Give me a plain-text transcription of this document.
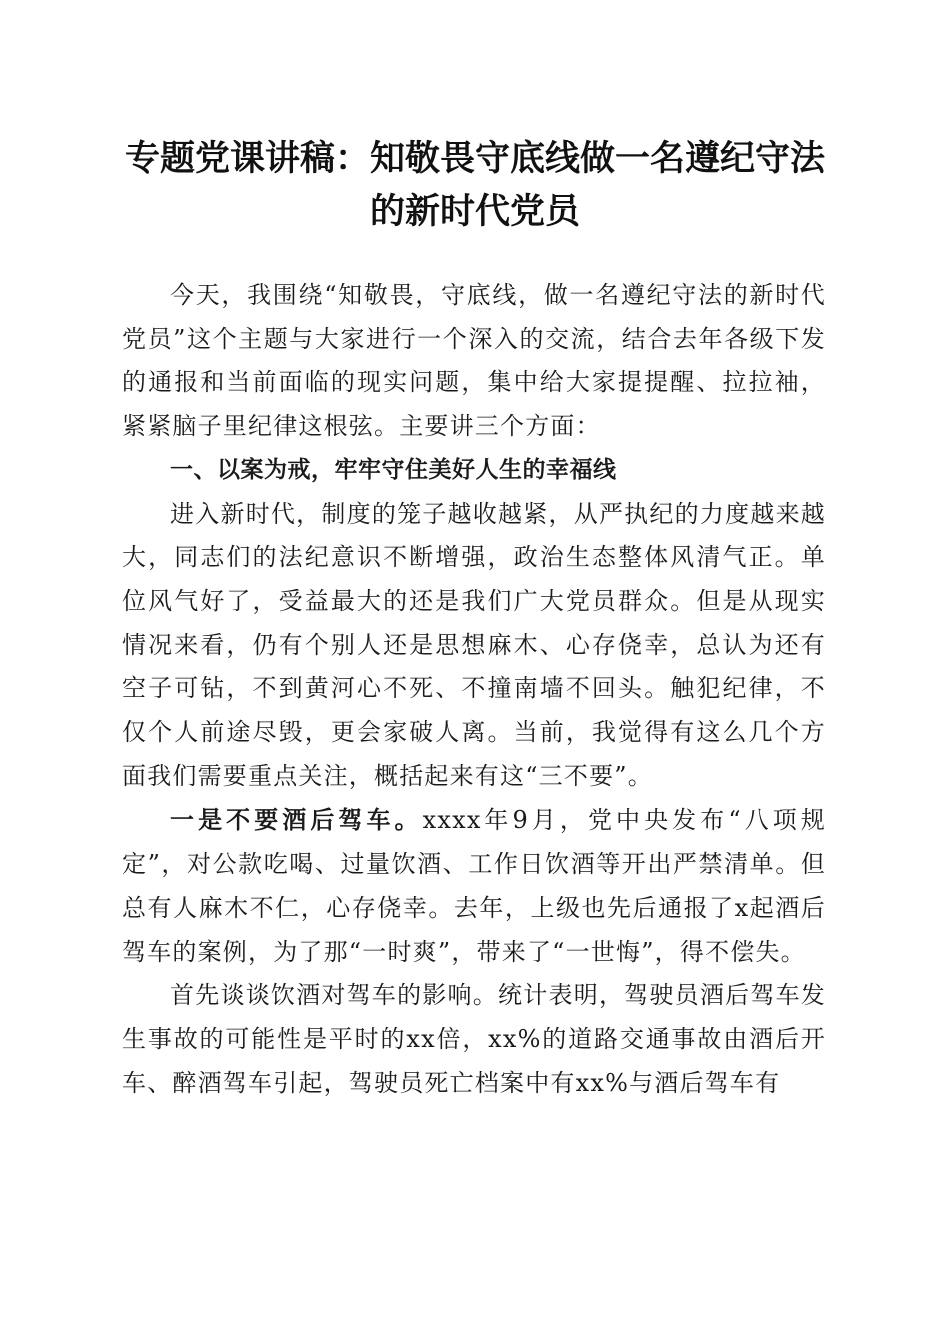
专题党课讲稿：知敬畏守底线做一名遵纪守法
的新时代党员

今天，我围绕“知敬畏，守底线，做一名遵纪守法的新时代党员”这个主题与大家进行一个深入的交流，结合去年各级下发的通报和当前面临的现实问题，集中给大家提提醒、拉拉袖，紧紧脑子里纪律这根弦。主要讲三个方面：

一、以案为戒，牢牢守住美好人生的幸福线

进入新时代，制度的笼子越收越紧，从严执纪的力度越来越大，同志们的法纪意识不断增强，政治生态整体风清气正。单位风气好了，受益最大的还是我们广大党员群众。但是从现实情况来看，仍有个别人还是思想麻木、心存侥幸，总认为还有空子可钻，不到黄河心不死、不撞南墙不回头。触犯纪律，不仅个人前途尽毁，更会家破人离。当前，我觉得有这么几个方面我们需要重点关注，概括起来有这“三不要”。

一是不要酒后驾车。xxxx年9月，党中央发布“八项规定”，对公款吃喝、过量饮酒、工作日饮酒等开出严禁清单。但总有人麻木不仁，心存侥幸。去年，上级也先后通报了x起酒后驾车的案例，为了那“一时爽”，带来了“一世悔”，得不偿失。

首先谈谈饮酒对驾车的影响。统计表明，驾驶员酒后驾车发生事故的可能性是平时的xx倍，xx%的道路交通事故由酒后开车、醉酒驾车引起，驾驶员死亡档案中有xx%与酒后驾车有
